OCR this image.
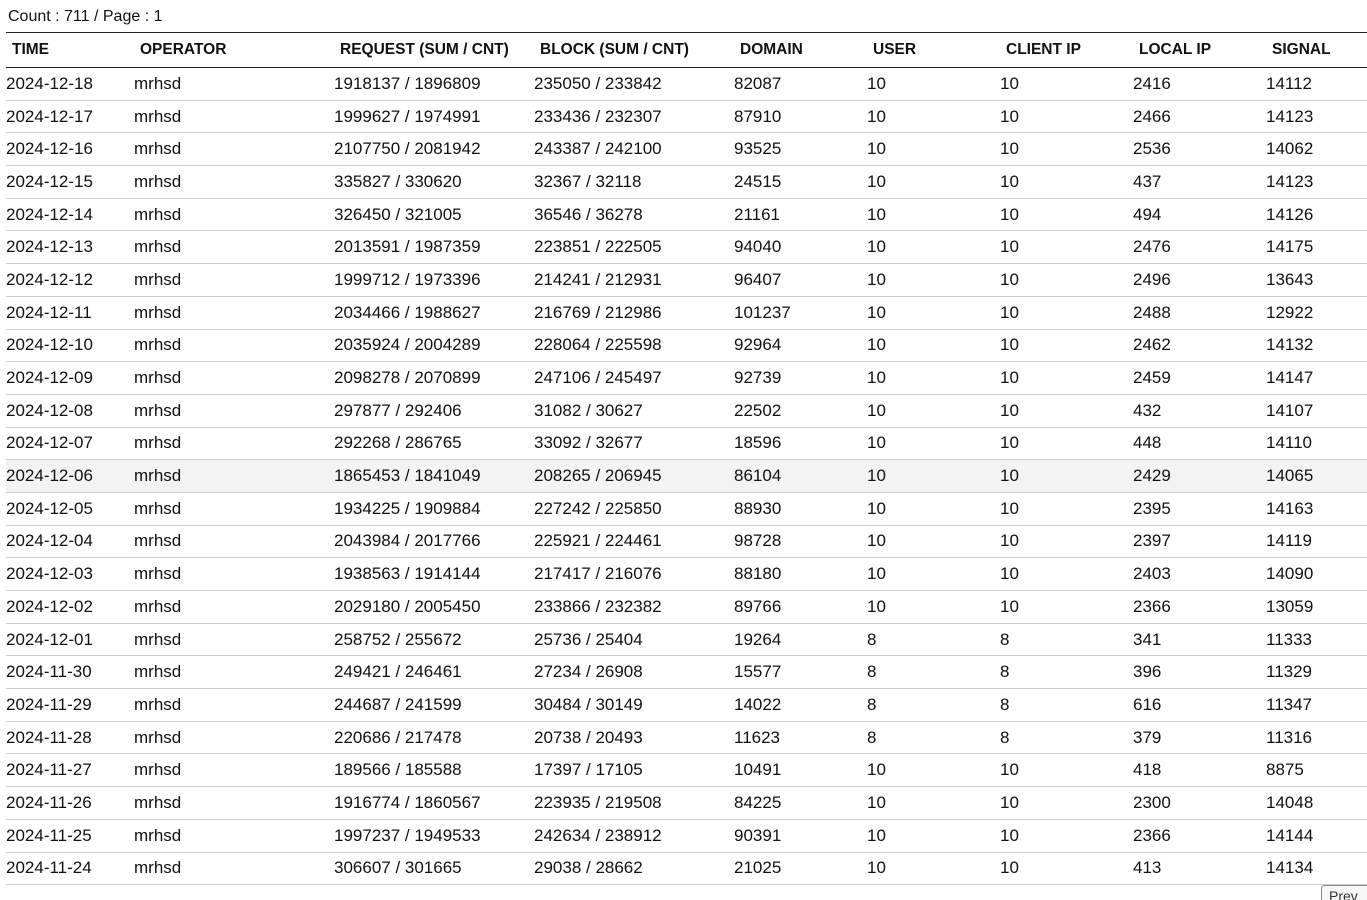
Count : 711 / Page : 1
TIME	OPERATOR	REQUEST (SUM / CNT)	BLOCK (SUM / CNT)	DOMAIN	USER	CLIENT IP	LOCAL IP	SIGNAL
2024-12-18	mrhsd	1918137 / 1896809	235050 / 233842	82087	10	10	2416	14112
2024-12-17	mrhsd	1999627 / 1974991	233436 / 232307	87910	10	10	2466	14123
2024-12-16	mrhsd	2107750 / 2081942	243387 / 242100	93525	10	10	2536	14062
2024-12-15	mrhsd	335827 / 330620	32367 / 32118	24515	10	10	437	14123
2024-12-14	mrhsd	326450 / 321005	36546 / 36278	21161	10	10	494	14126
2024-12-13	mrhsd	2013591 / 1987359	223851 / 222505	94040	10	10	2476	14175
2024-12-12	mrhsd	1999712 / 1973396	214241 / 212931	96407	10	10	2496	13643
2024-12-11	mrhsd	2034466 / 1988627	216769 / 212986	101237	10	10	2488	12922
2024-12-10	mrhsd	2035924 / 2004289	228064 / 225598	92964	10	10	2462	14132
2024-12-09	mrhsd	2098278 / 2070899	247106 / 245497	92739	10	10	2459	14147
2024-12-08	mrhsd	297877 / 292406	31082 / 30627	22502	10	10	432	14107
2024-12-07	mrhsd	292268 / 286765	33092 / 32677	18596	10	10	448	14110
2024-12-06	mrhsd	1865453 / 1841049	208265 / 206945	86104	10	10	2429	14065
2024-12-05	mrhsd	1934225 / 1909884	227242 / 225850	88930	10	10	2395	14163
2024-12-04	mrhsd	2043984 / 2017766	225921 / 224461	98728	10	10	2397	14119
2024-12-03	mrhsd	1938563 / 1914144	217417 / 216076	88180	10	10	2403	14090
2024-12-02	mrhsd	2029180 / 2005450	233866 / 232382	89766	10	10	2366	13059
2024-12-01	mrhsd	258752 / 255672	25736 / 25404	19264	8	8	341	11333
2024-11-30	mrhsd	249421 / 246461	27234 / 26908	15577	8	8	396	11329
2024-11-29	mrhsd	244687 / 241599	30484 / 30149	14022	8	8	616	11347
2024-11-28	mrhsd	220686 / 217478	20738 / 20493	11623	8	8	379	11316
2024-11-27	mrhsd	189566 / 185588	17397 / 17105	10491	10	10	418	8875
2024-11-26	mrhsd	1916774 / 1860567	223935 / 219508	84225	10	10	2300	14048
2024-11-25	mrhsd	1997237 / 1949533	242634 / 238912	90391	10	10	2366	14144
2024-11-24	mrhsd	306607 / 301665	29038 / 28662	21025	10	10	413	14134
Prev
